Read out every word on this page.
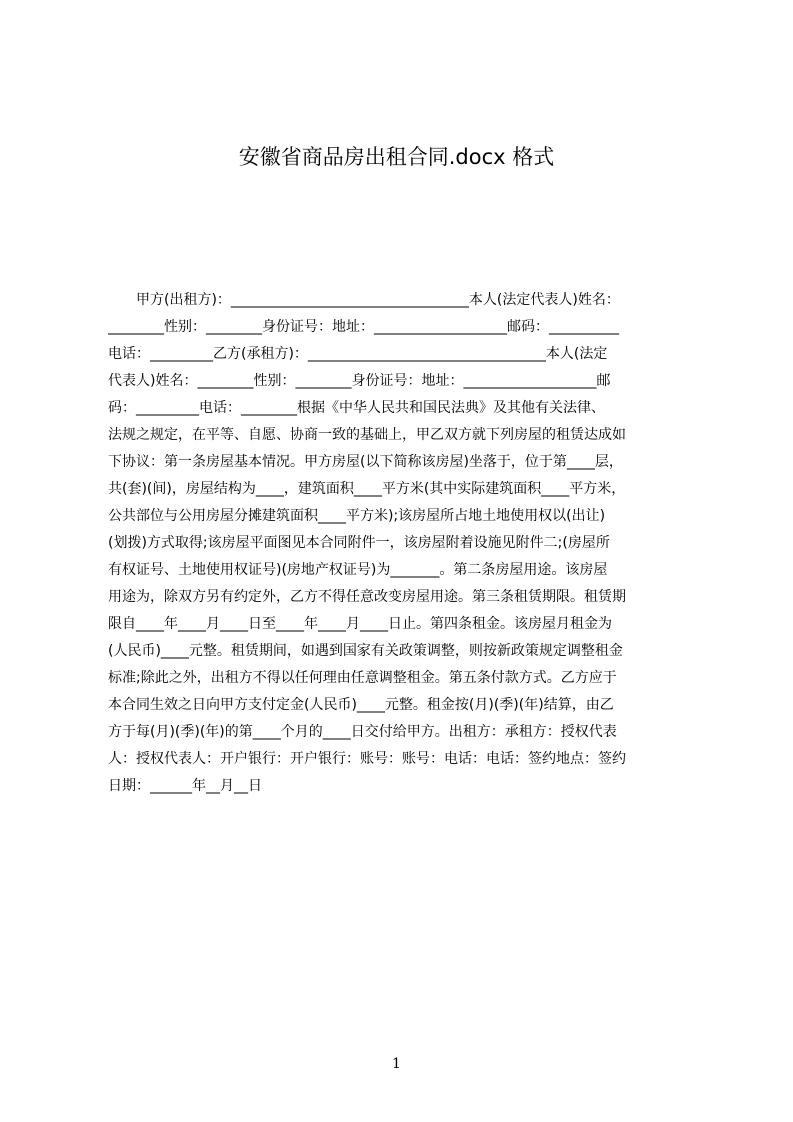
安徽省商品房出租合同.docx 格式
　　甲方(出租方)：__________________________________本人(法定代表人)姓名：
________性别：________身份证号：地址：___________________邮码：__________
电话：_________乙方(承租方)：__________________________________本人(法定
代表人)姓名：________性别：________身份证号：地址：___________________邮
码：_________电话：________根据《中华人民共和国民法典》及其他有关法律、
法规之规定，在平等、自愿、协商一致的基础上，甲乙双方就下列房屋的租赁达成如
下协议：第一条房屋基本情况。甲方房屋(以下简称该房屋)坐落于，位于第____层，
共(套)(间)，房屋结构为____，建筑面积____平方米(其中实际建筑面积____平方米，
公共部位与公用房屋分摊建筑面积____平方米);该房屋所占地土地使用权以(出让)
(划拨)方式取得;该房屋平面图见本合同附件一，该房屋附着设施见附件二;(房屋所
有权证号、土地使用权证号)(房地产权证号)为_______。第二条房屋用途。该房屋
用途为，除双方另有约定外，乙方不得任意改变房屋用途。第三条租赁期限。租赁期
限自____年____月____日至____年____月____日止。第四条租金。该房屋月租金为
(人民币)____元整。租赁期间，如遇到国家有关政策调整，则按新政策规定调整租金
标准;除此之外，出租方不得以任何理由任意调整租金。第五条付款方式。乙方应于
本合同生效之日向甲方支付定金(人民币)____元整。租金按(月)(季)(年)结算，由乙
方于每(月)(季)(年)的第____个月的____日交付给甲方。出租方：承租方：授权代表
人：授权代表人：开户银行：开户银行：账号：账号：电话：电话：签约地点：签约
日期：______年__月__日
1
